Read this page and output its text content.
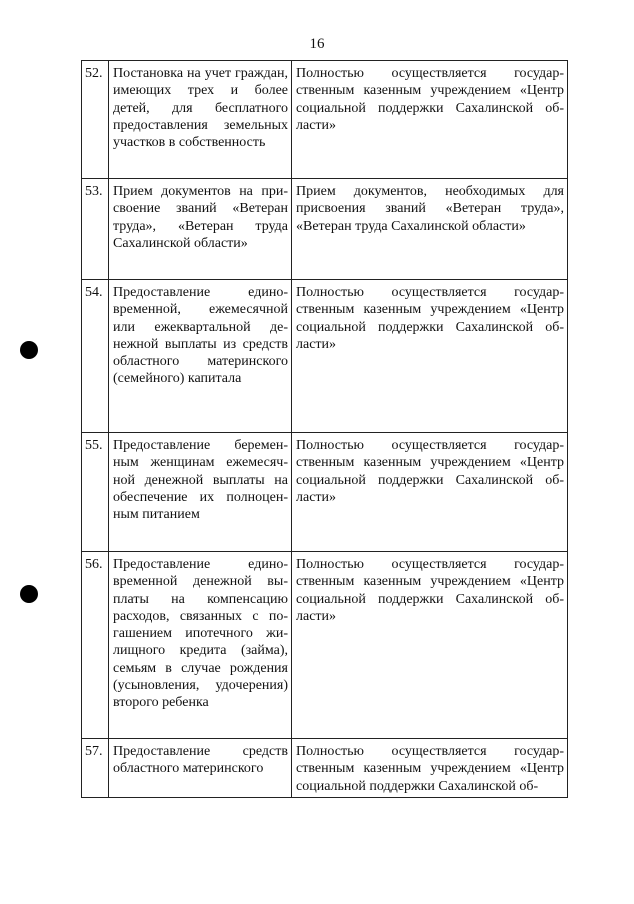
16
52.	Постановка на учет граждан, имеющих трех и более детей, для бесплатного предоставления земельных участков в собственность	Полностью осуществляется государственным казенным учреждением «Центр социальной поддержки Сахалинской области»
53.	Прием документов на присвоение званий «Ветеран труда», «Ветеран труда Сахалинской области»	Прием документов, необходимых для присвоения званий «Ветеран труда», «Ветеран труда Сахалинской области»
54.	Предоставление единовременной, ежемесячной или ежеквартальной денежной выплаты из средств областного материнского (семейного) капитала	Полностью осуществляется государственным казенным учреждением «Центр социальной поддержки Сахалинской области»
55.	Предоставление беременным женщинам ежемесячной денежной выплаты на обеспечение их полноценным питанием	Полностью осуществляется государственным казенным учреждением «Центр социальной поддержки Сахалинской области»
56.	Предоставление единовременной денежной выплаты на компенсацию расходов, связанных с погашением ипотечного жилищного кредита (займа), семьям в случае рождения (усыновления, удочерения) второго ребенка	Полностью осуществляется государственным казенным учреждением «Центр социальной поддержки Сахалинской области»
57.	Предоставление средств областного материнского	Полностью осуществляется государственным казенным учреждением «Центр социальной поддержки Сахалинской об-
